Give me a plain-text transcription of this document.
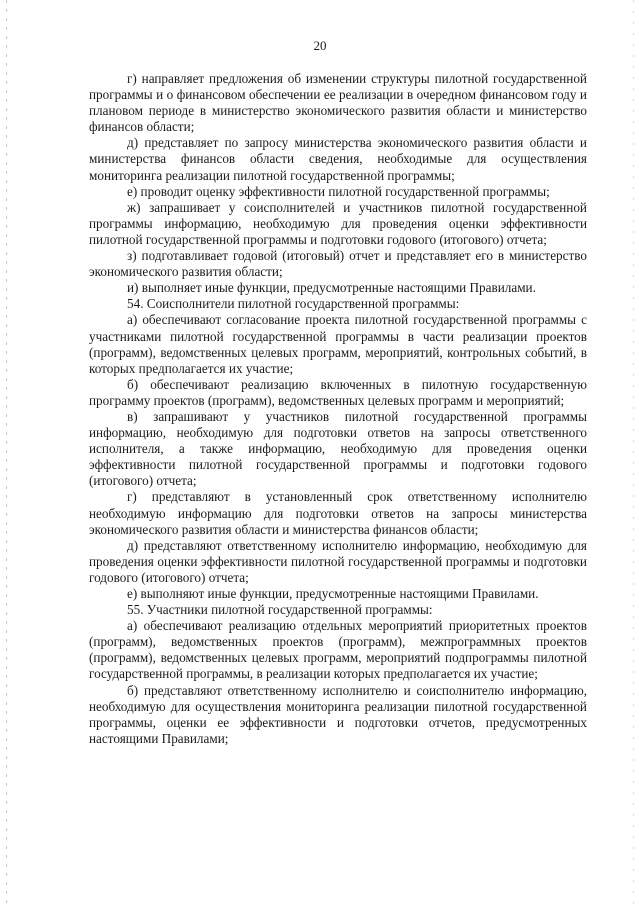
20

г) направляет предложения об изменении структуры пилотной государственной программы и о финансовом обеспечении ее реализации в очередном финансовом году и плановом периоде в министерство экономического развития области и министерство финансов области;

д) представляет по запросу министерства экономического развития области и министерства финансов области сведения, необходимые для осуществления мониторинга реализации пилотной государственной программы;

е) проводит оценку эффективности пилотной государственной программы;

ж) запрашивает у соисполнителей и участников пилотной государственной программы информацию, необходимую для проведения оценки эффективности пилотной государственной программы и подготовки годового (итогового) отчета;

з) подготавливает годовой (итоговый) отчет и представляет его в министерство экономического развития области;

и) выполняет иные функции, предусмотренные настоящими Правилами.

54. Соисполнители пилотной государственной программы:

а) обеспечивают согласование проекта пилотной государственной программы с участниками пилотной государственной программы в части реализации проектов (программ), ведомственных целевых программ, мероприятий, контрольных событий, в которых предполагается их участие;

б) обеспечивают реализацию включенных в пилотную государственную программу проектов (программ), ведомственных целевых программ и мероприятий;

в) запрашивают у участников пилотной государственной программы информацию, необходимую для подготовки ответов на запросы ответственного исполнителя, а также информацию, необходимую для проведения оценки эффективности пилотной государственной программы и подготовки годового (итогового) отчета;

г) представляют в установленный срок ответственному исполнителю необходимую информацию для подготовки ответов на запросы министерства экономического развития области и министерства финансов области;

д) представляют ответственному исполнителю информацию, необходимую для проведения оценки эффективности пилотной государственной программы и подготовки годового (итогового) отчета;

е) выполняют иные функции, предусмотренные настоящими Правилами.

55. Участники пилотной государственной программы:

а) обеспечивают реализацию отдельных мероприятий приоритетных проектов (программ), ведомственных проектов (программ), межпрограммных проектов (программ), ведомственных целевых программ, мероприятий подпрограммы пилотной государственной программы, в реализации которых предполагается их участие;

б) представляют ответственному исполнителю и соисполнителю информацию, необходимую для осуществления мониторинга реализации пилотной государственной программы, оценки ее эффективности и подготовки отчетов, предусмотренных настоящими Правилами;
